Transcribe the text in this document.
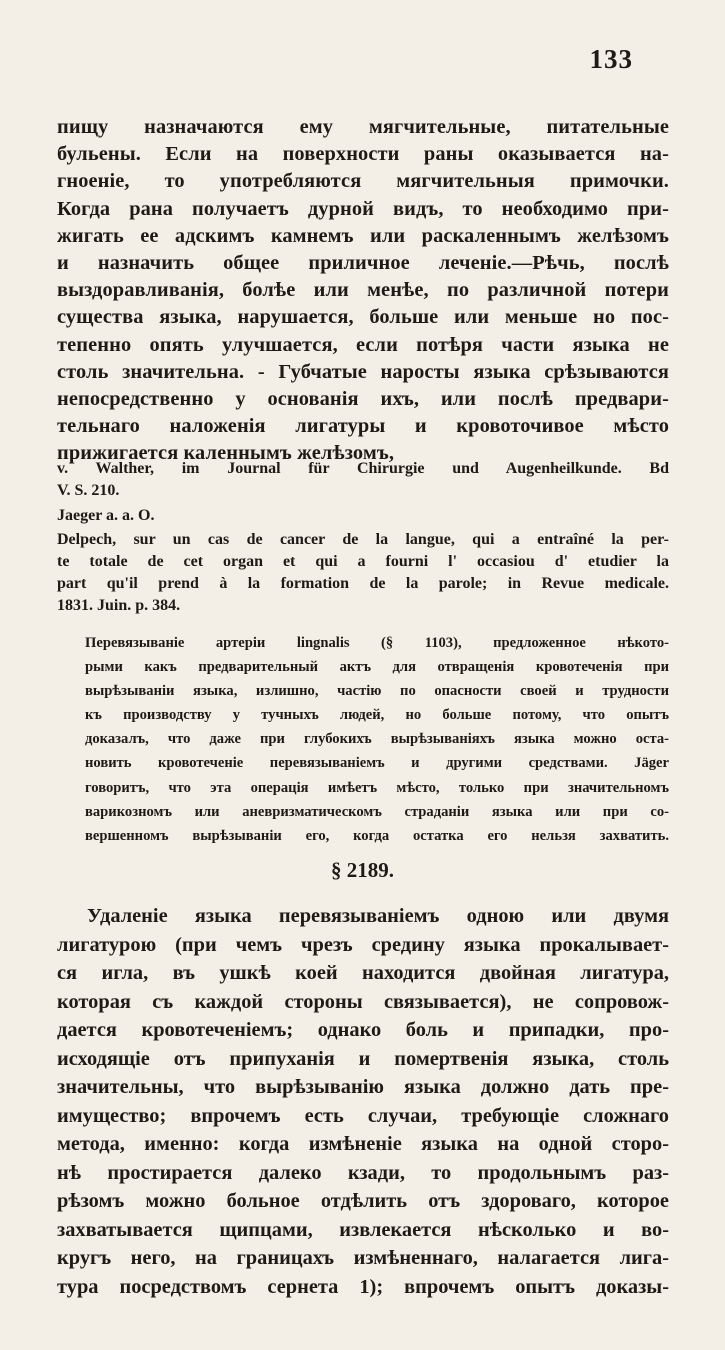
133
пищу назначаются ему мягчительные, питательные
бульены. Если на поверхности раны оказывается на-
гноеніе, то употребляются мягчительныя примочки.
Когда рана получаетъ дурной видъ, то необходимо при-
жигать ее адскимъ камнемъ или раскаленнымъ желѣзомъ
и назначить общее приличное леченіе.—Рѣчь, послѣ
выздоравливанія, болѣе или менѣе, по различной потери
существа языка, нарушается, больше или меньше но пос-
тепенно опять улучшается, если потѣря части языка не
столь значительна. - Губчатые наросты языка срѣзываются
непосредственно у основанія ихъ, или послѣ предвари-
тельнаго наложенія лигатуры и кровоточивое мѣсто
прижигается каленнымъ желѣзомъ,
v. Walther, im Journal für Chirurgie und Augenheilkunde. Bd
V. S. 210.
Jaeger a. a. O.
Delpech, sur un cas de cancer de la langue, qui a entraîné la per-
te totale de cet organ et qui a fourni l' occasiou d' etudier la
part qu'il prend à la formation de la parole; in Revue medicale.
1831. Juin. p. 384.
Перевязываніе артеріи lingnalis (§ 1103), предложенное нѣкото-
рыми какъ предварительный актъ для отвращенія кровотеченія при
вырѣзываніи языка, излишно, частію по опасности своей и трудности
къ производству у тучныхъ людей, но больше потому, что опытъ
доказалъ, что даже при глубокихъ вырѣзываніяхъ языка можно оста-
новить кровотеченіе перевязываніемъ и другими средствами. Jäger
говоритъ, что эта операція имѣетъ мѣсто, только при значительномъ
варикозномъ или аневризматическомъ страданіи языка или при со-
вершенномъ вырѣзываніи его, когда остатка его нельзя захватить.
§ 2189.
Удаленіе языка перевязываніемъ одною или двумя
лигатурою (при чемъ чрезъ средину языка прокалывает-
ся игла, въ ушкѣ коей находится двойная лигатура,
которая съ каждой стороны связывается), не сопровож-
дается кровотеченіемъ; однако боль и припадки, про-
исходящіе отъ припуханія и помертвенія языка, столь
значительны, что вырѣзыванію языка должно дать пре-
имущество; впрочемъ есть случаи, требующіе сложнаго
метода, именно: когда измѣненіе языка на одной сторо-
нѣ простирается далеко кзади, то продольнымъ раз-
рѣзомъ можно больное отдѣлить отъ здороваго, которое
захватывается щипцами, извлекается нѣсколько и во-
кругъ него, на границахъ измѣненнаго, налагается лига-
тура посредствомъ сернета 1); впрочемъ опытъ доказы-
